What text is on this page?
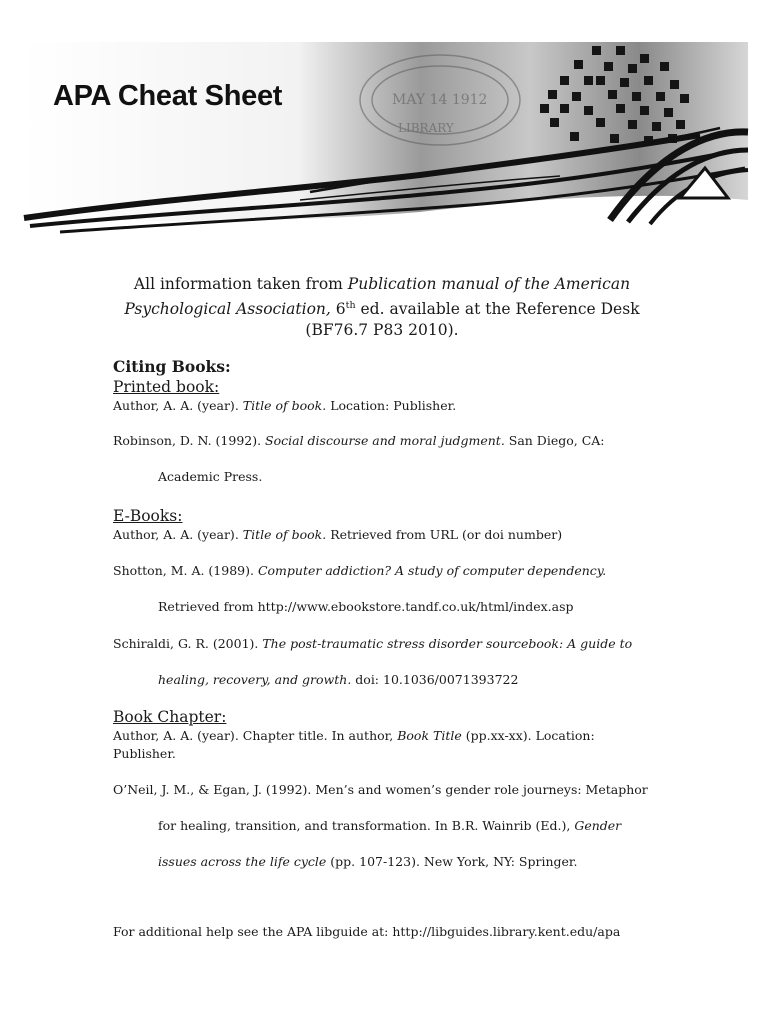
MAY 14 1912
LIBRARY
APA Cheat Sheet

All information taken from Publication manual of the American Psychological Association, 6th ed. available at the Reference Desk (BF76.7 P83 2010).

Citing Books:

Printed book:

Author, A. A. (year). Title of book. Location: Publisher.

Robinson, D. N. (1992). Social discourse and moral judgment. San Diego, CA:

Academic Press.

E-Books:

Author, A. A. (year). Title of book. Retrieved from URL (or doi number)

Shotton, M. A. (1989). Computer addiction? A study of computer dependency.

Retrieved from http://www.ebookstore.tandf.co.uk/html/index.asp

Schiraldi, G. R. (2001). The post-traumatic stress disorder sourcebook: A guide to

healing, recovery, and growth. doi: 10.1036/0071393722

Book Chapter:

Author, A. A. (year). Chapter title. In author, Book Title (pp.xx-xx). Location:
Publisher.

O’Neil, J. M., & Egan, J. (1992). Men’s and women’s gender role journeys: Metaphor

for healing, transition, and transformation. In B.R. Wainrib (Ed.), Gender

issues across the life cycle (pp. 107-123). New York, NY: Springer.

For additional help see the APA libguide at: http://libguides.library.kent.edu/apa
